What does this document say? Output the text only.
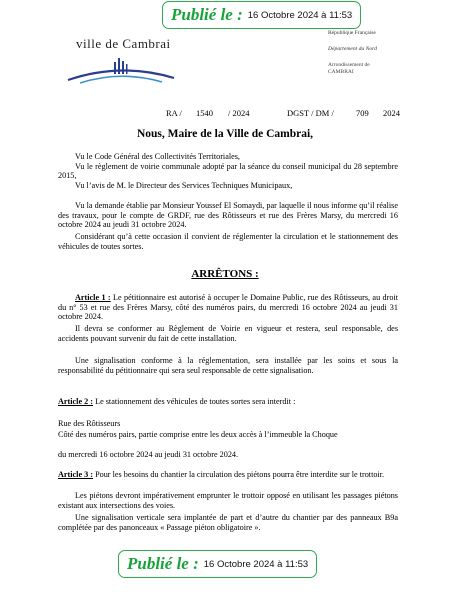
Publié le : 16 Octobre 2024 à 11:53
ville de Cambrai
République Française
Département du Nord
Arrondissement de
CAMBRAI
RA / 1540 / 2024	DGST / DM /	709 2024
Nous, Maire de la Ville de Cambrai,
Vu le Code Général des Collectivités Territoriales,
Vu le règlement de voirie communale adopté par la séance du conseil municipal du 28 septembre 2015,
Vu l’avis de M. le Directeur des Services Techniques Municipaux,
Vu la demande établie par Monsieur Youssef El Somaydi, par laquelle il nous informe qu’il réalise des travaux, pour le compte de GRDF, rue des Rôtisseurs et rue des Frères Marsy, du mercredi 16 octobre 2024 au jeudi 31 octobre 2024.
Considérant qu’à cette occasion il convient de réglementer la circulation et le stationnement des véhicules de toutes sortes.
ARRÊTONS :
Article 1 : Le pétitionnaire est autorisé à occuper le Domaine Public, rue des Rôtisseurs, au droit du n° 53 et rue des Frères Marsy, côté des numéros pairs, du mercredi 16 octobre 2024 au jeudi 31 octobre 2024.
Il devra se conformer au Règlement de Voirie en vigueur et restera, seul responsable, des accidents pouvant survenir du fait de cette installation.
Une signalisation conforme à la réglementation, sera installée par les soins et sous la responsabilité du pétitionnaire qui sera seul responsable de cette signalisation.
Article 2 : Le stationnement des véhicules de toutes sortes sera interdit :
Rue des Rôtisseurs
Côté des numéros pairs, partie comprise entre les deux accès à l’immeuble la Choque
du mercredi 16 octobre 2024 au jeudi 31 octobre 2024.
Article 3 : Pour les besoins du chantier la circulation des piétons pourra être interdite sur le trottoir.
Les piétons devront impérativement emprunter le trottoir opposé en utilisant les passages piétons existant aux intersections des voies.
Une signalisation verticale sera implantée de part et d’autre du chantier par des panneaux B9a complétée par des panonceaux « Passage piéton obligatoire ».
Publié le : 16 Octobre 2024 à 11:53
